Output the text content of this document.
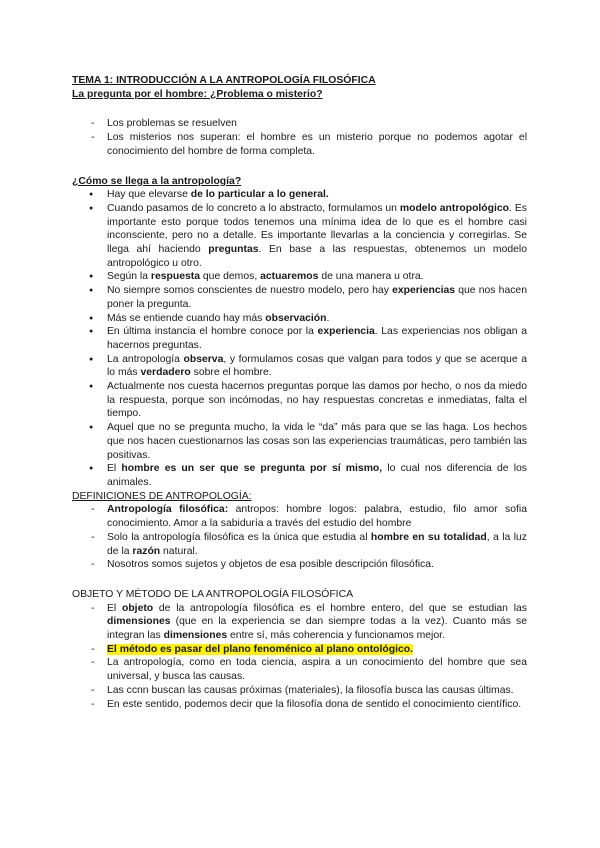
TEMA 1: INTRODUCCIÓN A LA ANTROPOLOGÍA FILOSÓFICA
La pregunta por el hombre: ¿Problema o misterio?
- Los problemas se resuelven
- Los misterios nos superan: el hombre es un misterio porque no podemos agotar el conocimiento del hombre de forma completa.
¿Cómo se llega a la antropología?
● Hay que elevarse de lo particular a lo general.
● Cuando pasamos de lo concreto a lo abstracto, formulamos un modelo antropológico. Es importante esto porque todos tenemos una mínima idea de lo que es el hombre casi inconsciente, pero no a detalle. Es importante llevarlas a la conciencia y corregirlas. Se llega ahí haciendo preguntas. En base a las respuestas, obtenemos un modelo antropológico u otro.
● Según la respuesta que demos, actuaremos de una manera u otra.
● No siempre somos conscientes de nuestro modelo, pero hay experiencias que nos hacen poner la pregunta.
● Más se entiende cuando hay más observación.
● En última instancia el hombre conoce por la experiencia. Las experiencias nos obligan a hacernos preguntas.
● La antropología observa, y formulamos cosas que valgan para todos y que se acerque a lo más verdadero sobre el hombre.
● Actualmente nos cuesta hacernos preguntas porque las damos por hecho, o nos da miedo la respuesta, porque son incómodas, no hay respuestas concretas e inmediatas, falta el tiempo.
● Aquel que no se pregunta mucho, la vida le “da” más para que se las haga. Los hechos que nos hacen cuestionarnos las cosas son las experiencias traumáticas, pero también las positivas.
● El hombre es un ser que se pregunta por sí mismo, lo cual nos diferencia de los animales.
DEFINICIONES DE ANTROPOLOGÍA:
- Antropología filosófica: antropos: hombre logos: palabra, estudio, filo amor sofia conocimiento. Amor a la sabiduría a través del estudio del hombre
- Solo la antropología filosófica es la única que estudia al hombre en su totalidad, a la luz de la razón natural.
- Nosotros somos sujetos y objetos de esa posible descripción filosófica.
OBJETO Y MÉTODO DE LA ANTROPOLOGÍA FILOSÓFICA
- El objeto de la antropología filosófica es el hombre entero, del que se estudian las dimensiones (que en la experiencia se dan siempre todas a la vez). Cuanto más se integran las dimensiones entre sí, más coherencia y funcionamos mejor.
- El método es pasar del plano fenoménico al plano ontológico.
- La antropología, como en toda ciencia, aspira a un conocimiento del hombre que sea universal, y busca las causas.
- Las ccnn buscan las causas próximas (materiales), la filosofía busca las causas últimas.
- En este sentido, podemos decir que la filosofía dona de sentido el conocimiento científico.
